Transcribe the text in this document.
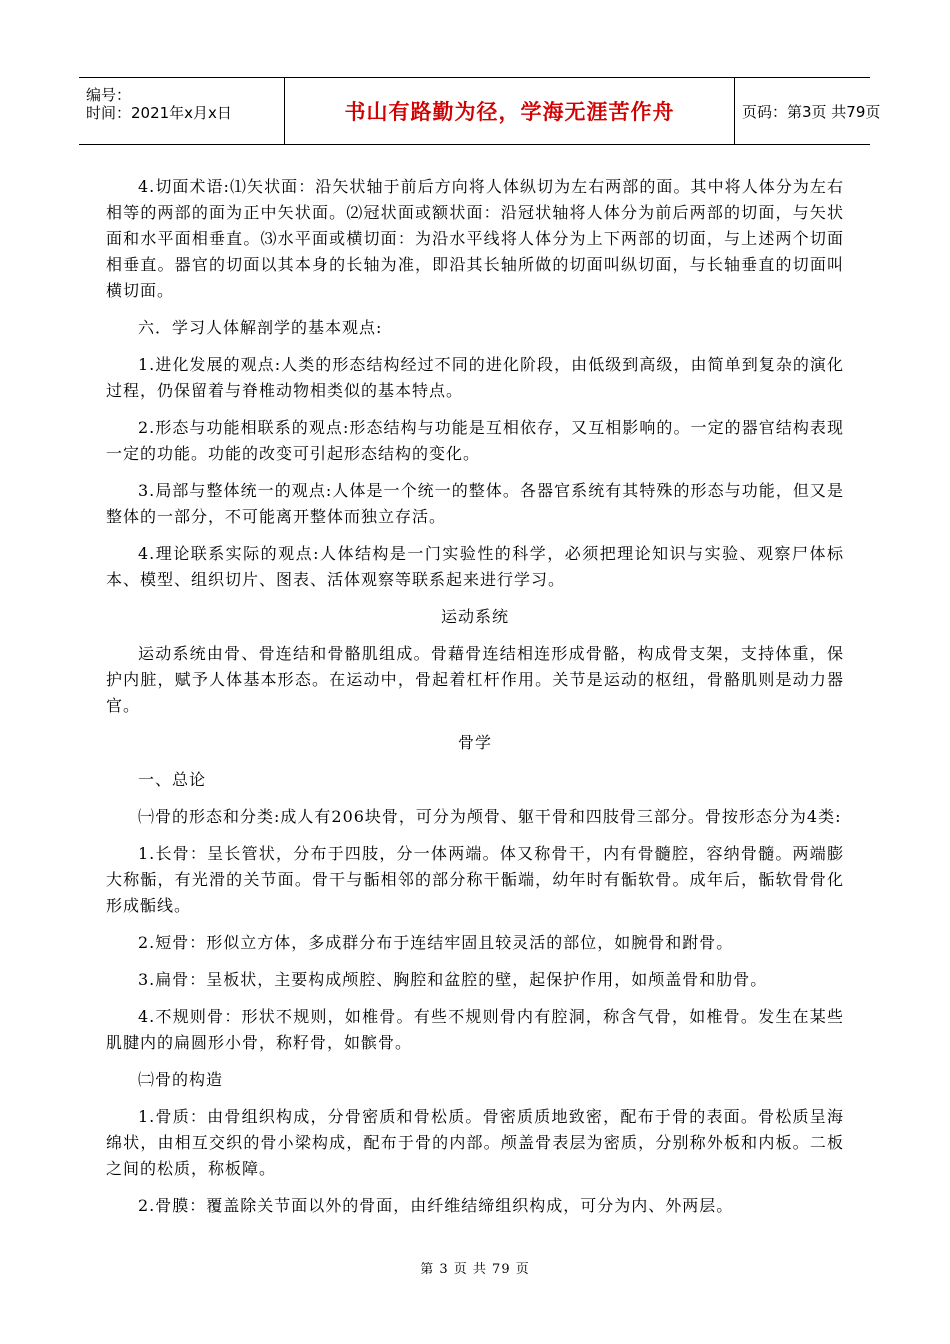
编号：
时间：2021年x月x日	书山有路勤为径，学海无涯苦作舟	页码：第3页 共79页

4.切面术语:⑴矢状面：沿矢状轴于前后方向将人体纵切为左右两部的面。其中将人体分为左右相等的两部的面为正中矢状面。⑵冠状面或额状面：沿冠状轴将人体分为前后两部的切面，与矢状面和水平面相垂直。⑶水平面或横切面：为沿水平线将人体分为上下两部的切面，与上述两个切面相垂直。器官的切面以其本身的长轴为准，即沿其长轴所做的切面叫纵切面，与长轴垂直的切面叫横切面。

六．学习人体解剖学的基本观点:

1.进化发展的观点:人类的形态结构经过不同的进化阶段，由低级到高级，由简单到复杂的演化过程，仍保留着与脊椎动物相类似的基本特点。

2.形态与功能相联系的观点:形态结构与功能是互相依存，又互相影响的。一定的器官结构表现一定的功能。功能的改变可引起形态结构的变化。

3.局部与整体统一的观点:人体是一个统一的整体。各器官系统有其特殊的形态与功能，但又是整体的一部分，不可能离开整体而独立存活。

4.理论联系实际的观点:人体结构是一门实验性的科学，必须把理论知识与实验、观察尸体标本、模型、组织切片、图表、活体观察等联系起来进行学习。

运动系统

运动系统由骨、骨连结和骨骼肌组成。骨藉骨连结相连形成骨骼，构成骨支架，支持体重，保护内脏，赋予人体基本形态。在运动中，骨起着杠杆作用。关节是运动的枢纽，骨骼肌则是动力器官。

骨学

一、总论

㈠骨的形态和分类:成人有206块骨，可分为颅骨、躯干骨和四肢骨三部分。骨按形态分为4类:

1.长骨：呈长管状，分布于四肢，分一体两端。体又称骨干，内有骨髓腔，容纳骨髓。两端膨大称骺，有光滑的关节面。骨干与骺相邻的部分称干骺端，幼年时有骺软骨。成年后，骺软骨骨化形成骺线。

2.短骨：形似立方体，多成群分布于连结牢固且较灵活的部位，如腕骨和跗骨。

3.扁骨：呈板状，主要构成颅腔、胸腔和盆腔的壁，起保护作用，如颅盖骨和肋骨。

4.不规则骨：形状不规则，如椎骨。有些不规则骨内有腔洞，称含气骨，如椎骨。发生在某些肌腱内的扁圆形小骨，称籽骨，如髌骨。

㈡骨的构造

1.骨质：由骨组织构成，分骨密质和骨松质。骨密质质地致密，配布于骨的表面。骨松质呈海绵状，由相互交织的骨小梁构成，配布于骨的内部。颅盖骨表层为密质，分别称外板和内板。二板之间的松质，称板障。

2.骨膜：覆盖除关节面以外的骨面，由纤维结缔组织构成，可分为内、外两层。

第 3 页 共 79 页
